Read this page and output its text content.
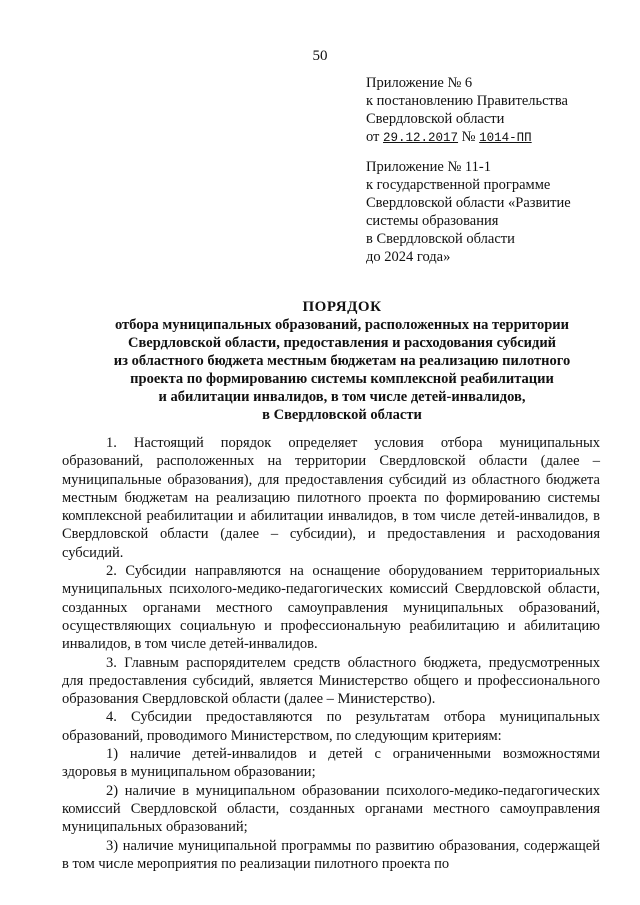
50
Приложение № 6
к постановлению Правительства
Свердловской области
от 29.12.2017 № 1014-ПП
Приложение № 11-1
к государственной программе
Свердловской области «Развитие
системы образования
в Свердловской области
до 2024 года»
ПОРЯДОК
отбора муниципальных образований, расположенных на территории
Свердловской области, предоставления и расходования субсидий
из областного бюджета местным бюджетам на реализацию пилотного
проекта по формированию системы комплексной реабилитации
и абилитации инвалидов, в том числе детей-инвалидов,
в Свердловской области

1. Настоящий порядок определяет условия отбора муниципальных образований, расположенных на территории Свердловской области (далее – муниципальные образования), для предоставления субсидий из областного бюджета местным бюджетам на реализацию пилотного проекта по формированию системы комплексной реабилитации и абилитации инвалидов, в том числе детей-инвалидов, в Свердловской области (далее – субсидии), и предоставления и расходования субсидий.

2. Субсидии направляются на оснащение оборудованием территориальных муниципальных психолого-медико-педагогических комиссий Свердловской области, созданных органами местного самоуправления муниципальных образований, осуществляющих социальную и профессиональную реабилитацию и абилитацию инвалидов, в том числе детей-инвалидов.

3. Главным распорядителем средств областного бюджета, предусмотренных для предоставления субсидий, является Министерство общего и профессионального образования Свердловской области (далее – Министерство).

4. Субсидии предоставляются по результатам отбора муниципальных образований, проводимого Министерством, по следующим критериям:

1) наличие детей-инвалидов и детей с ограниченными возможностями здоровья в муниципальном образовании;

2) наличие в муниципальном образовании психолого-медико-педагогических комиссий Свердловской области, созданных органами местного самоуправления муниципальных образований;

3) наличие муниципальной программы по развитию образования, содержащей в том числе мероприятия по реализации пилотного проекта по
